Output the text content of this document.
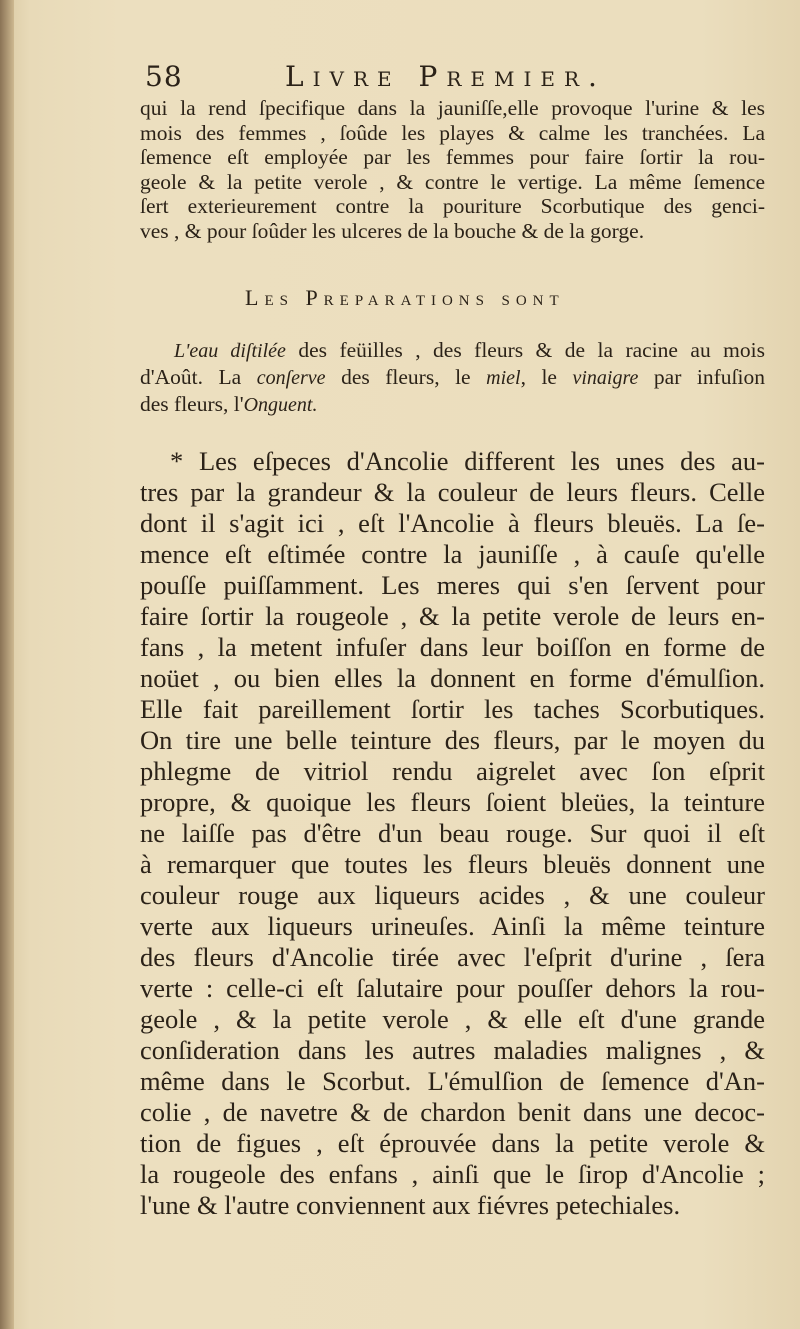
58	Livre Premier.
qui la rend ſpecifique dans la jauniſſe,elle provoque l'urine & les
mois des femmes , ſoûde les playes & calme les tranchées. La
ſemence eſt employée par les femmes pour faire ſortir la rou-
geole & la petite verole , & contre le vertige. La même ſemence
ſert exterieurement contre la pouriture Scorbutique des genci-
ves , & pour ſoûder les ulceres de la bouche & de la gorge.
Les Preparations sont
L'eau diſtilée des feüilles , des fleurs & de la racine au mois
d'Août. La conſerve des fleurs, le miel, le vinaigre par infuſion
des fleurs, l'Onguent.
* Les eſpeces d'Ancolie different les unes des au-
tres par la grandeur & la couleur de leurs fleurs. Celle
dont il s'agit ici , eſt l'Ancolie à fleurs bleuës. La ſe-
mence eſt eſtimée contre la jauniſſe , à cauſe qu'elle
pouſſe puiſſamment. Les meres qui s'en ſervent pour
faire ſortir la rougeole , & la petite verole de leurs en-
fans , la metent infuſer dans leur boiſſon en forme de
noüet , ou bien elles la donnent en forme d'émulſion.
Elle fait pareillement ſortir les taches Scorbutiques.
On tire une belle teinture des fleurs, par le moyen du
phlegme de vitriol rendu aigrelet avec ſon eſprit
propre, & quoique les fleurs ſoient bleües, la teinture
ne laiſſe pas d'être d'un beau rouge. Sur quoi il eſt
à remarquer que toutes les fleurs bleuës donnent une
couleur rouge aux liqueurs acides , & une couleur
verte aux liqueurs urineuſes. Ainſi la même teinture
des fleurs d'Ancolie tirée avec l'eſprit d'urine , ſera
verte : celle-ci eſt ſalutaire pour pouſſer dehors la rou-
geole , & la petite verole , & elle eſt d'une grande
conſideration dans les autres maladies malignes , &
même dans le Scorbut. L'émulſion de ſemence d'An-
colie , de navetre & de chardon benit dans une decoc-
tion de figues , eſt éprouvée dans la petite verole &
la rougeole des enfans , ainſi que le ſirop d'Ancolie ;
l'une & l'autre conviennent aux fiévres petechiales.
